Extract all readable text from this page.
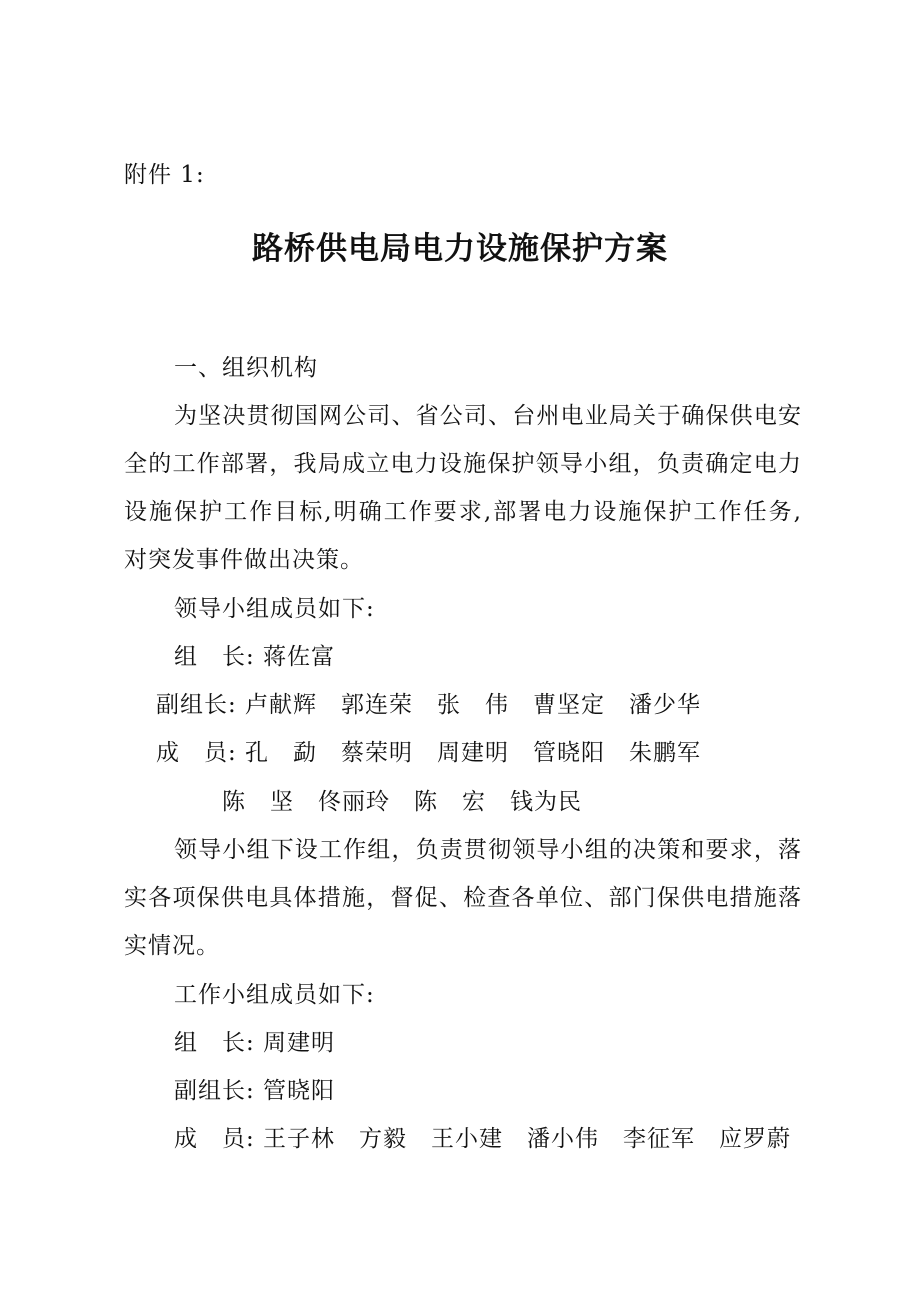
附件 1:
路桥供电局电力设施保护方案
一、组织机构
为坚决贯彻国网公司、省公司、台州电业局关于确保供电安
全的工作部署，我局成立电力设施保护领导小组，负责确定电力
设施保护工作目标,明确工作要求,部署电力设施保护工作任务,
对突发事件做出决策。
领导小组成员如下:
组　长: 蒋佐富
副组长: 卢献辉　郭连荣　张　伟　曹坚定　潘少华
成　员: 孔　勐　蔡荣明　周建明　管晓阳　朱鹏军
陈　坚　佟丽玲　陈　宏　钱为民
领导小组下设工作组，负责贯彻领导小组的决策和要求，落
实各项保供电具体措施，督促、检查各单位、部门保供电措施落
实情况。
工作小组成员如下:
组　长: 周建明
副组长: 管晓阳
成　员: 王子林　方毅　王小建　潘小伟　李征军　应罗蔚
